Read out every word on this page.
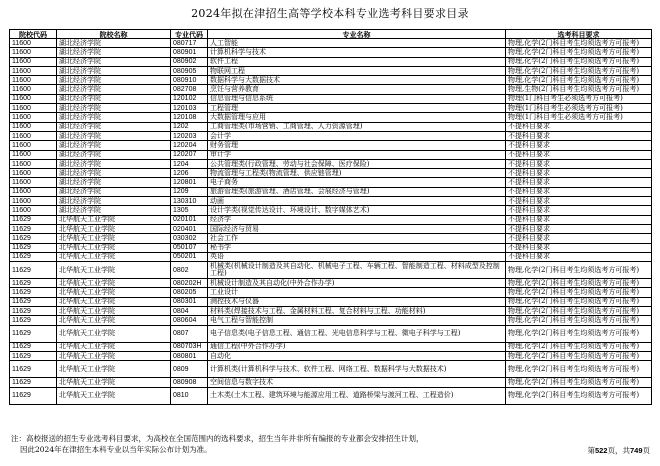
2024年拟在津招生高等学校本科专业选考科目要求目录
院校代码	院校名称	专业代码	专业名称	选考科目要求
11600	湖北经济学院	080717	人工智能	物理,化学(2门科目考生均须选考方可报考)
11600	湖北经济学院	080901	计算机科学与技术	物理,化学(2门科目考生均须选考方可报考)
11600	湖北经济学院	080902	软件工程	物理,化学(2门科目考生均须选考方可报考)
11600	湖北经济学院	080905	物联网工程	物理,化学(2门科目考生均须选考方可报考)
11600	湖北经济学院	080910	数据科学与大数据技术	物理,化学(2门科目考生均须选考方可报考)
11600	湖北经济学院	082708	烹饪与营养教育	物理,生物(2门科目考生均须选考方可报考)
11600	湖北经济学院	120102	信息管理与信息系统	物理(1门科目考生必须选考方可报考)
11600	湖北经济学院	120103	工程管理	物理(1门科目考生必须选考方可报考)
11600	湖北经济学院	120108	大数据管理与应用	物理(1门科目考生必须选考方可报考)
11600	湖北经济学院	1202	工商管理类(市场营销、工商管理、人力资源管理)	不提科目要求
11600	湖北经济学院	120203	会计学	不提科目要求
11600	湖北经济学院	120204	财务管理	不提科目要求
11600	湖北经济学院	120207	审计学	不提科目要求
11600	湖北经济学院	1204	公共管理类(行政管理、劳动与社会保障、医疗保险)	不提科目要求
11600	湖北经济学院	1206	物流管理与工程类(物流管理、供应链管理)	不提科目要求
11600	湖北经济学院	120801	电子商务	不提科目要求
11600	湖北经济学院	1209	旅游管理类(旅游管理、酒店管理、会展经济与管理)	不提科目要求
11600	湖北经济学院	130310	动画	不提科目要求
11600	湖北经济学院	1305	设计学类(视觉传达设计、环境设计、数字媒体艺术)	不提科目要求
11629	北华航天工业学院	020101	经济学	不提科目要求
11629	北华航天工业学院	020401	国际经济与贸易	不提科目要求
11629	北华航天工业学院	030302	社会工作	不提科目要求
11629	北华航天工业学院	050107	秘书学	不提科目要求
11629	北华航天工业学院	050201	英语	不提科目要求
11629	北华航天工业学院	0802	机械类(机械设计制造及其自动化、机械电子工程、车辆工程、智能制造工程、材料成型及控制工程)	物理,化学(2门科目考生均须选考方可报考)
11629	北华航天工业学院	080202H	机械设计制造及其自动化(中外合作办学)	物理,化学(2门科目考生均须选考方可报考)
11629	北华航天工业学院	080205	工业设计	物理,化学(2门科目考生均须选考方可报考)
11629	北华航天工业学院	080301	测控技术与仪器	物理,化学(2门科目考生均须选考方可报考)
11629	北华航天工业学院	0804	材料类(焊接技术与工程、金属材料工程、复合材料与工程、功能材料)	物理,化学(2门科目考生均须选考方可报考)
11629	北华航天工业学院	080604	电气工程与智能控制	物理,化学(2门科目考生均须选考方可报考)
11629	北华航天工业学院	0807	电子信息类(电子信息工程、通信工程、光电信息科学与工程、微电子科学与工程)	物理,化学(2门科目考生均须选考方可报考)
11629	北华航天工业学院	080703H	通信工程(中外合作办学)	物理,化学(2门科目考生均须选考方可报考)
11629	北华航天工业学院	080801	自动化	物理,化学(2门科目考生均须选考方可报考)
11629	北华航天工业学院	0809	计算机类(计算机科学与技术、软件工程、网络工程、数据科学与大数据技术)	物理,化学(2门科目考生均须选考方可报考)
11629	北华航天工业学院	080908	空间信息与数字技术	物理,化学(2门科目考生均须选考方可报考)
11629	北华航天工业学院	0810	土木类(土木工程、建筑环境与能源应用工程、道路桥梁与渡河工程、工程造价)	物理,化学(2门科目考生均须选考方可报考)
注：高校报送的招生专业选考科目要求，为高校在全国范围内的选科要求，招生当年并非所有编报的专业都会安排招生计划，
因此2024年在津招生本科专业以当年实际公布计划为准。	第522页，共749页
